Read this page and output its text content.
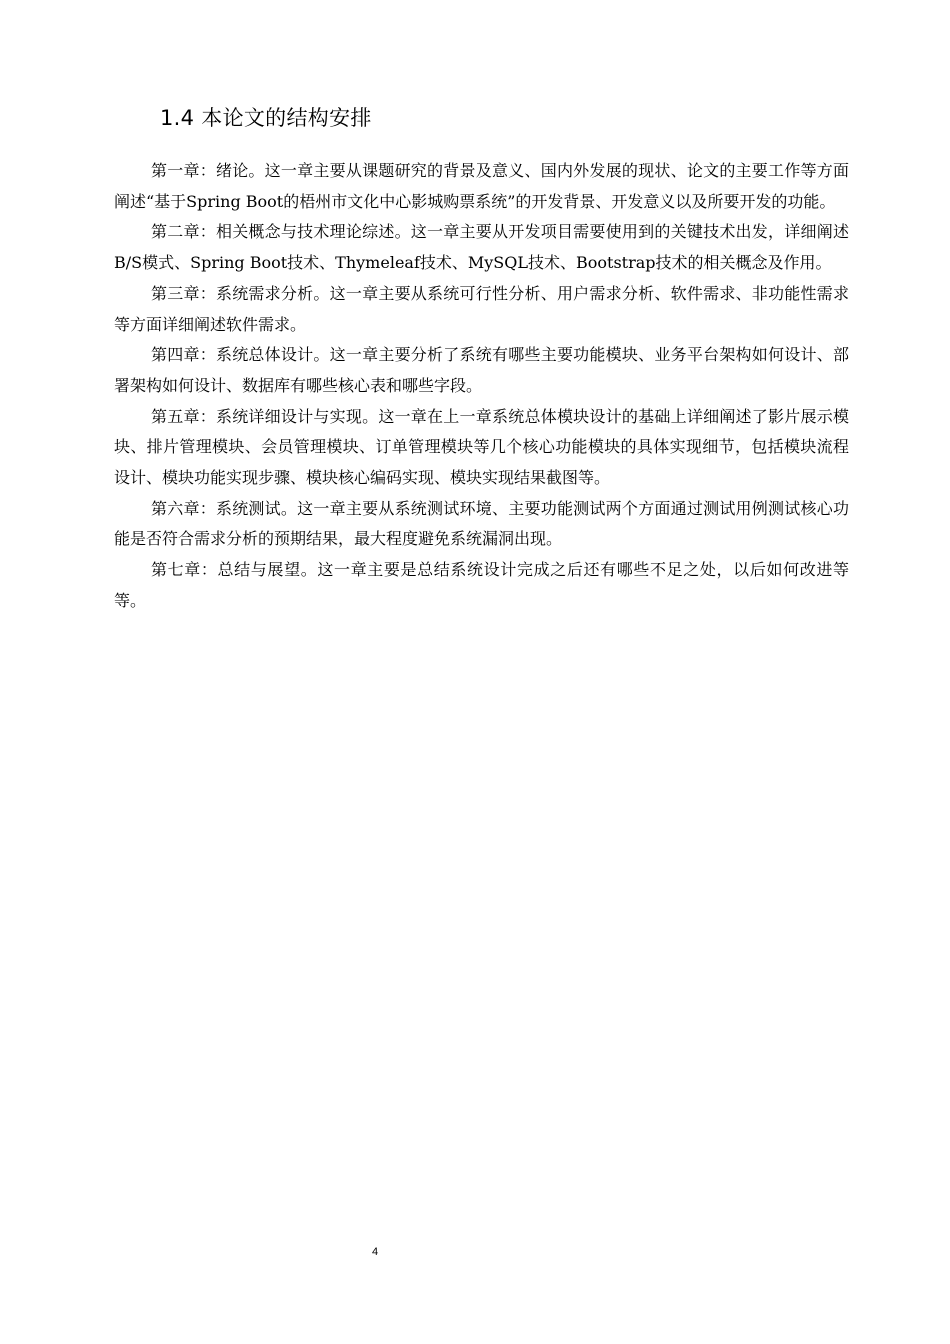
1.4 本论文的结构安排

第一章：绪论。这一章主要从课题研究的背景及意义、国内外发展的现状、论文的主要工作等方面阐述“基于Spring Boot的梧州市文化中心影城购票系统”的开发背景、开发意义以及所要开发的功能。

第二章：相关概念与技术理论综述。这一章主要从开发项目需要使用到的关键技术出发，详细阐述B/S模式、Spring Boot技术、Thymeleaf技术、MySQL技术、Bootstrap技术的相关概念及作用。

第三章：系统需求分析。这一章主要从系统可行性分析、用户需求分析、软件需求、非功能性需求等方面详细阐述软件需求。

第四章：系统总体设计。这一章主要分析了系统有哪些主要功能模块、业务平台架构如何设计、部署架构如何设计、数据库有哪些核心表和哪些字段。

第五章：系统详细设计与实现。这一章在上一章系统总体模块设计的基础上详细阐述了影片展示模块、排片管理模块、会员管理模块、订单管理模块等几个核心功能模块的具体实现细节，包括模块流程设计、模块功能实现步骤、模块核心编码实现、模块实现结果截图等。

第六章：系统测试。这一章主要从系统测试环境、主要功能测试两个方面通过测试用例测试核心功能是否符合需求分析的预期结果，最大程度避免系统漏洞出现。

第七章：总结与展望。这一章主要是总结系统设计完成之后还有哪些不足之处，以后如何改进等等。

4
